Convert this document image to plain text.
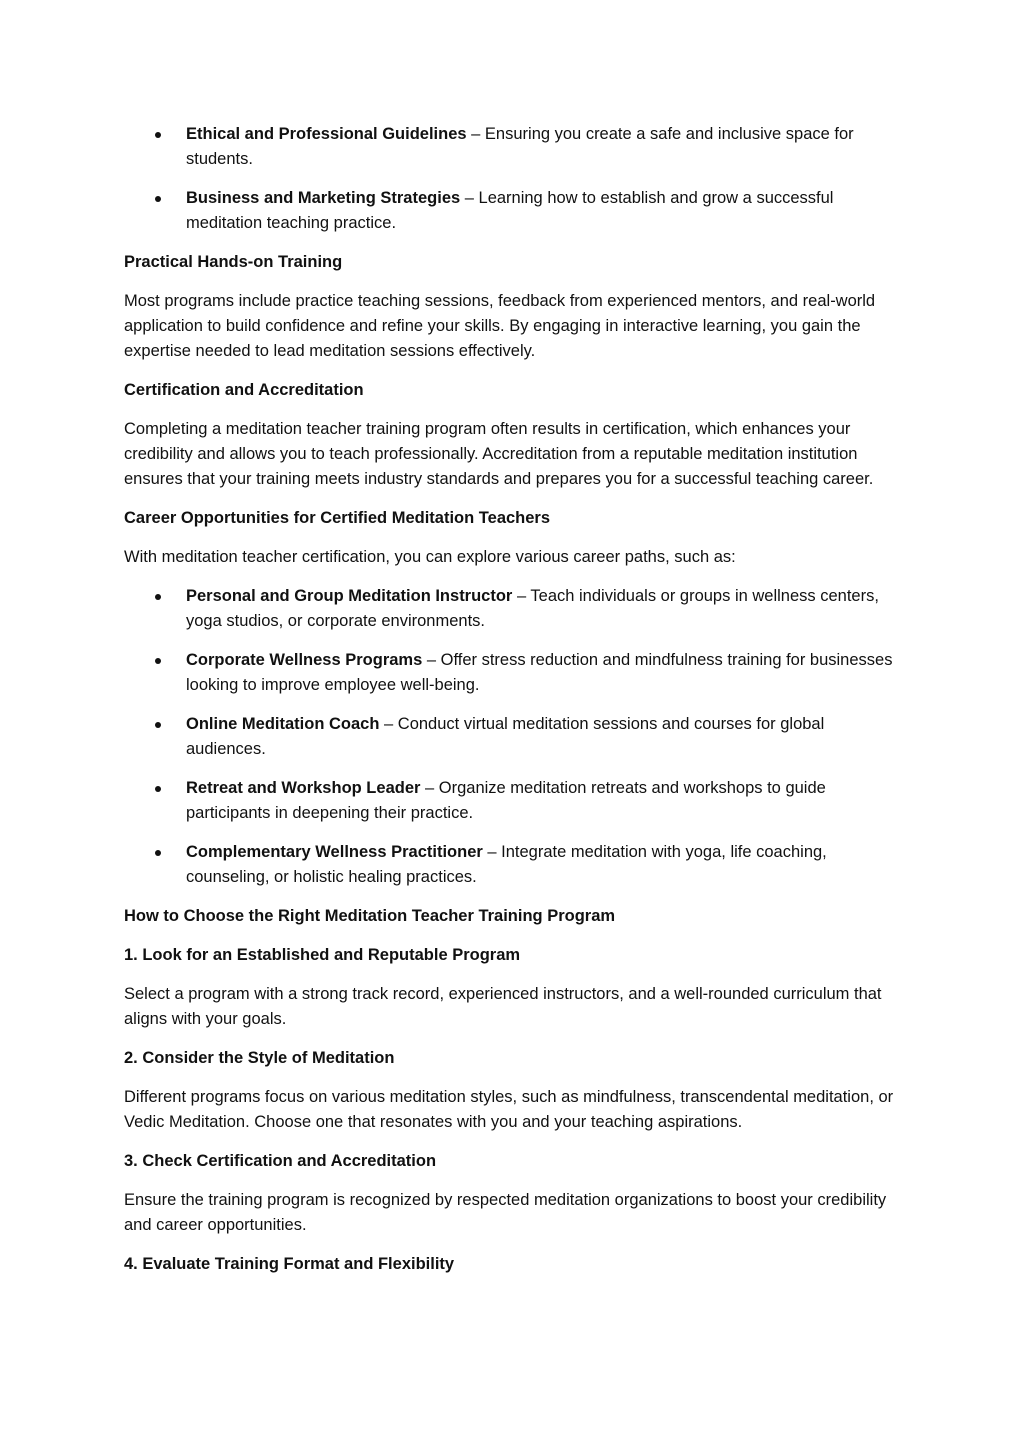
Ethical and Professional Guidelines – Ensuring you create a safe and inclusive space for students.
Business and Marketing Strategies – Learning how to establish and grow a successful meditation teaching practice.
Practical Hands-on Training
Most programs include practice teaching sessions, feedback from experienced mentors, and real-world application to build confidence and refine your skills. By engaging in interactive learning, you gain the expertise needed to lead meditation sessions effectively.
Certification and Accreditation
Completing a meditation teacher training program often results in certification, which enhances your credibility and allows you to teach professionally. Accreditation from a reputable meditation institution ensures that your training meets industry standards and prepares you for a successful teaching career.
Career Opportunities for Certified Meditation Teachers
With meditation teacher certification, you can explore various career paths, such as:
Personal and Group Meditation Instructor – Teach individuals or groups in wellness centers, yoga studios, or corporate environments.
Corporate Wellness Programs – Offer stress reduction and mindfulness training for businesses looking to improve employee well-being.
Online Meditation Coach – Conduct virtual meditation sessions and courses for global audiences.
Retreat and Workshop Leader – Organize meditation retreats and workshops to guide participants in deepening their practice.
Complementary Wellness Practitioner – Integrate meditation with yoga, life coaching, counseling, or holistic healing practices.
How to Choose the Right Meditation Teacher Training Program
1. Look for an Established and Reputable Program
Select a program with a strong track record, experienced instructors, and a well-rounded curriculum that aligns with your goals.
2. Consider the Style of Meditation
Different programs focus on various meditation styles, such as mindfulness, transcendental meditation, or Vedic Meditation. Choose one that resonates with you and your teaching aspirations.
3. Check Certification and Accreditation
Ensure the training program is recognized by respected meditation organizations to boost your credibility and career opportunities.
4. Evaluate Training Format and Flexibility
